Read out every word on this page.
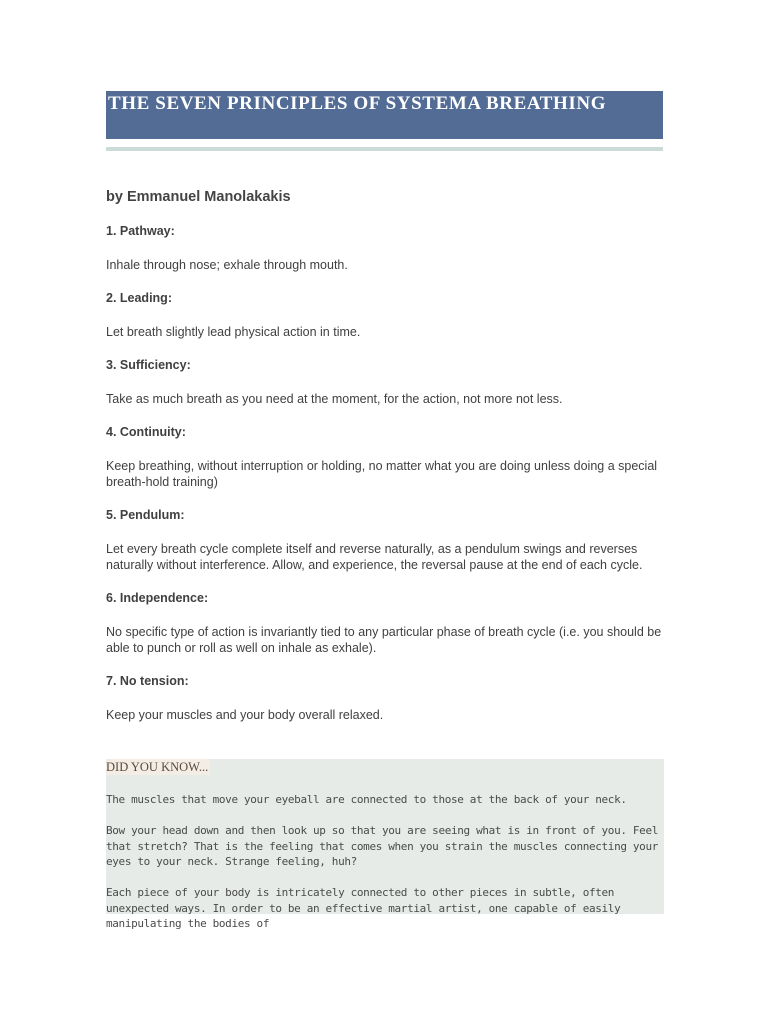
THE SEVEN PRINCIPLES OF SYSTEMA BREATHING
by Emmanuel Manolakakis
1. Pathway:
Inhale through nose; exhale through mouth.
2. Leading:
Let breath slightly lead physical action in time.
3. Sufficiency:
Take as much breath as you need at the moment, for the action, not more not less.
4. Continuity:
Keep breathing, without interruption or holding, no matter what you are doing unless doing a special breath-hold training)
5. Pendulum:
Let every breath cycle complete itself and reverse naturally, as a pendulum swings and reverses naturally without interference. Allow, and experience, the reversal pause at the end of each cycle.
6. Independence:
No specific type of action is invariantly tied to any particular phase of breath cycle (i.e. you should be able to punch or roll as well on inhale as exhale).
7. No tension:
Keep your muscles and your body overall relaxed.
DID YOU KNOW...
The muscles that move your eyeball are connected to those at the back of your neck.
Bow your head down and then look up so that you are seeing what is in front of you. Feel that stretch? That is the feeling that comes when you strain the muscles connecting your eyes to your neck. Strange feeling, huh?
Each piece of your body is intricately connected to other pieces in subtle, often unexpected ways. In order to be an effective martial artist, one capable of easily manipulating the bodies of
